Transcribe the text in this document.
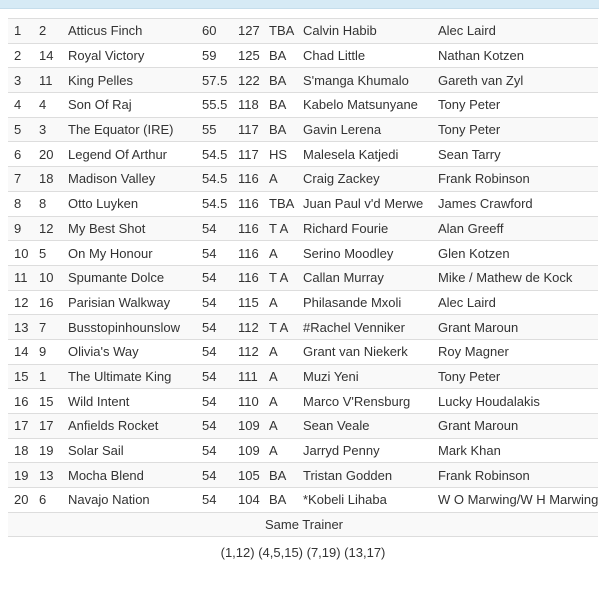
1	2	Atticus Finch	60	127	TBA	Calvin Habib	Alec Laird
2	14	Royal Victory	59	125	BA	Chad Little	Nathan Kotzen
3	11	King Pelles	57.5	122	BA	S'manga Khumalo	Gareth van Zyl
4	4	Son Of Raj	55.5	118	BA	Kabelo Matsunyane	Tony Peter
5	3	The Equator (IRE)	55	117	BA	Gavin Lerena	Tony Peter
6	20	Legend Of Arthur	54.5	117	HS	Malesela Katjedi	Sean Tarry
7	18	Madison Valley	54.5	116	A	Craig Zackey	Frank Robinson
8	8	Otto Luyken	54.5	116	TBA	Juan Paul v'd Merwe	James Crawford
9	12	My Best Shot	54	116	T A	Richard Fourie	Alan Greeff
10	5	On My Honour	54	116	A	Serino Moodley	Glen Kotzen
11	10	Spumante Dolce	54	116	T A	Callan Murray	Mike / Mathew de Kock
12	16	Parisian Walkway	54	115	A	Philasande Mxoli	Alec Laird
13	7	Busstopinhounslow	54	112	T A	#Rachel Venniker	Grant Maroun
14	9	Olivia's Way	54	112	A	Grant van Niekerk	Roy Magner
15	1	The Ultimate King	54	111	A	Muzi Yeni	Tony Peter
16	15	Wild Intent	54	110	A	Marco V'Rensburg	Lucky Houdalakis
17	17	Anfields Rocket	54	109	A	Sean Veale	Grant Maroun
18	19	Solar Sail	54	109	A	Jarryd Penny	Mark Khan
19	13	Mocha Blend	54	105	BA	Tristan Godden	Frank Robinson
20	6	Navajo Nation	54	104	BA	*Kobeli Lihaba	W O Marwing/W H Marwing
Same Trainer							
(1,12) (4,5,15) (7,19) (13,17)
